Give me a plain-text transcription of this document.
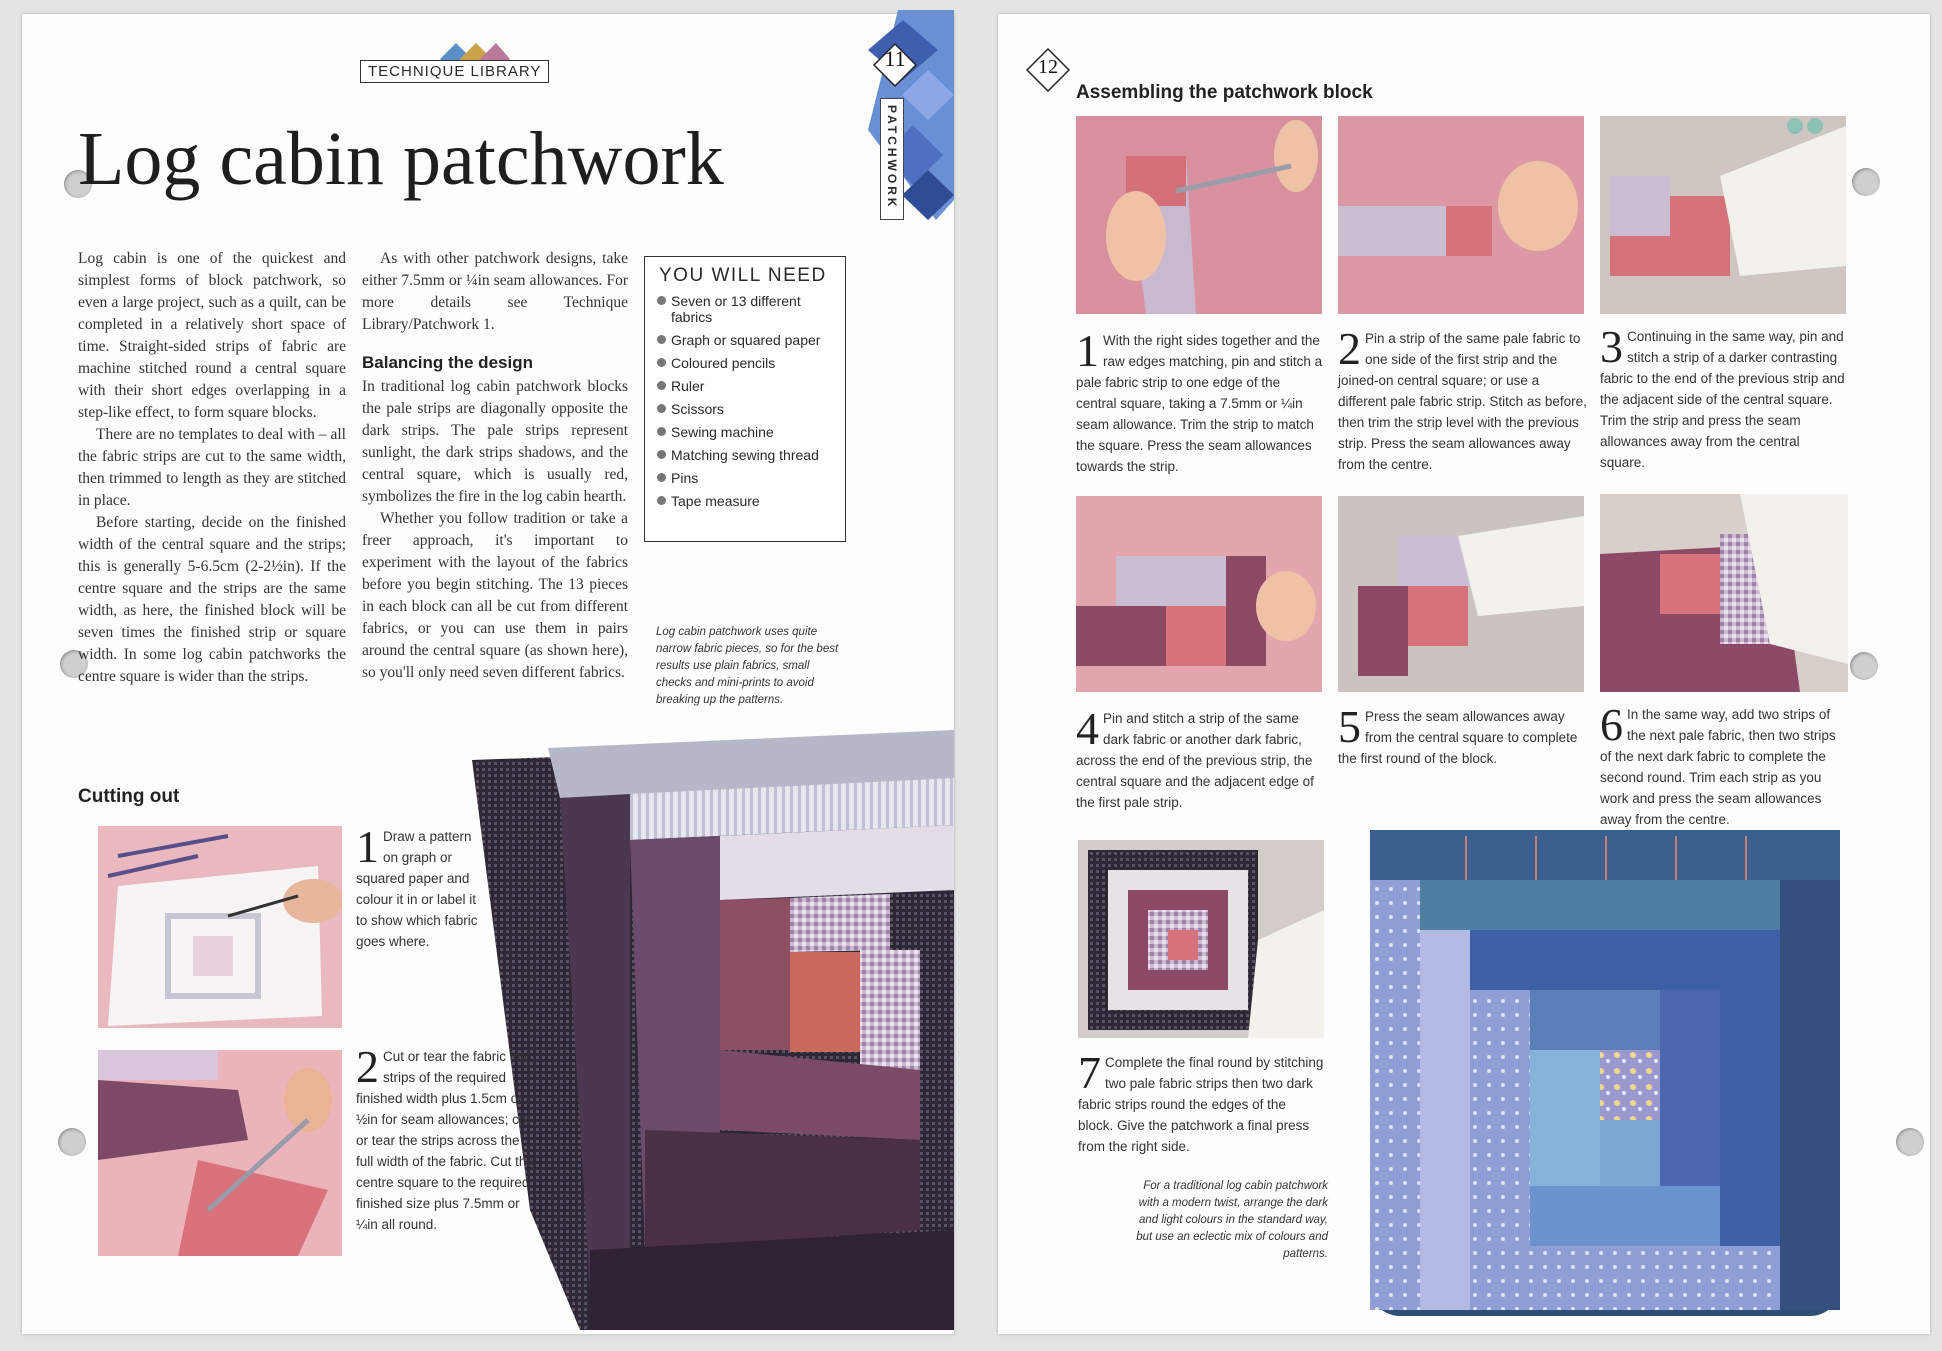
TECHNIQUE LIBRARY
11
PATCHWORK
Log cabin patchwork

Log cabin is one of the quickest and simplest forms of block patchwork, so even a large project, such as a quilt, can be completed in a relatively short space of time. Straight-sided strips of fabric are machine stitched round a central square with their short edges overlapping in a step-like effect, to form square blocks.

There are no templates to deal with – all the fabric strips are cut to the same width, then trimmed to length as they are stitched in place.

Before starting, decide on the finished width of the central square and the strips; this is generally 5-6.5cm (2-2½in). If the centre square and the strips are the same width, as here, the finished block will be seven times the finished strip or square width. In some log cabin patchworks the centre square is wider than the strips.

As with other patchwork designs, take either 7.5mm or ¼in seam allowances. For more details see Technique Library/Patchwork 1.

Balancing the design

In traditional log cabin patchwork blocks the pale strips are diagonally opposite the dark strips. The pale strips represent sunlight, the dark strips shadows, and the central square, which is usually red, symbolizes the fire in the log cabin hearth.

Whether you follow tradition or take a freer approach, it's important to experiment with the layout of the fabrics before you begin stitching. The 13 pieces in each block can all be cut from different fabrics, or you can use them in pairs around the central square (as shown here), so you'll only need seven different fabrics.

YOU WILL NEED
Seven or 13 different fabrics
Graph or squared paper
Coloured pencils
Ruler
Scissors
Sewing machine
Matching sewing thread
Pins
Tape measure
Log cabin patchwork uses quite narrow fabric pieces, so for the best results use plain fabrics, small checks and mini-prints to avoid breaking up the patterns.
Cutting out
1 Draw a pattern on graph or squared paper and colour it in or label it to show which fabric goes where.
2 Cut or tear the fabric into strips of the required finished width plus 1.5cm or ½in for seam allowances; cut or tear the strips across the full width of the fabric. Cut the centre square to the required finished size plus 7.5mm or ¼in all round.
12
Assembling the patchwork block
1 With the right sides together and the raw edges matching, pin and stitch a pale fabric strip to one edge of the central square, taking a 7.5mm or ¼in seam allowance. Trim the strip to match the square. Press the seam allowances towards the strip.
2 Pin a strip of the same pale fabric to one side of the first strip and the joined-on central square; or use a different pale fabric strip. Stitch as before, then trim the strip level with the previous strip. Press the seam allowances away from the centre.
3 Continuing in the same way, pin and stitch a strip of a darker contrasting fabric to the end of the previous strip and the adjacent side of the central square. Trim the strip and press the seam allowances away from the central square.
4 Pin and stitch a strip of the same dark fabric or another dark fabric, across the end of the previous strip, the central square and the adjacent edge of the first pale strip.
5 Press the seam allowances away from the central square to complete the first round of the block.
6 In the same way, add two strips of the next pale fabric, then two strips of the next dark fabric to complete the second round. Trim each strip as you work and press the seam allowances away from the centre.
7 Complete the final round by stitching two pale fabric strips then two dark fabric strips round the edges of the block. Give the patchwork a final press from the right side.
For a traditional log cabin patchwork with a modern twist, arrange the dark and light colours in the standard way, but use an eclectic mix of colours and patterns.
